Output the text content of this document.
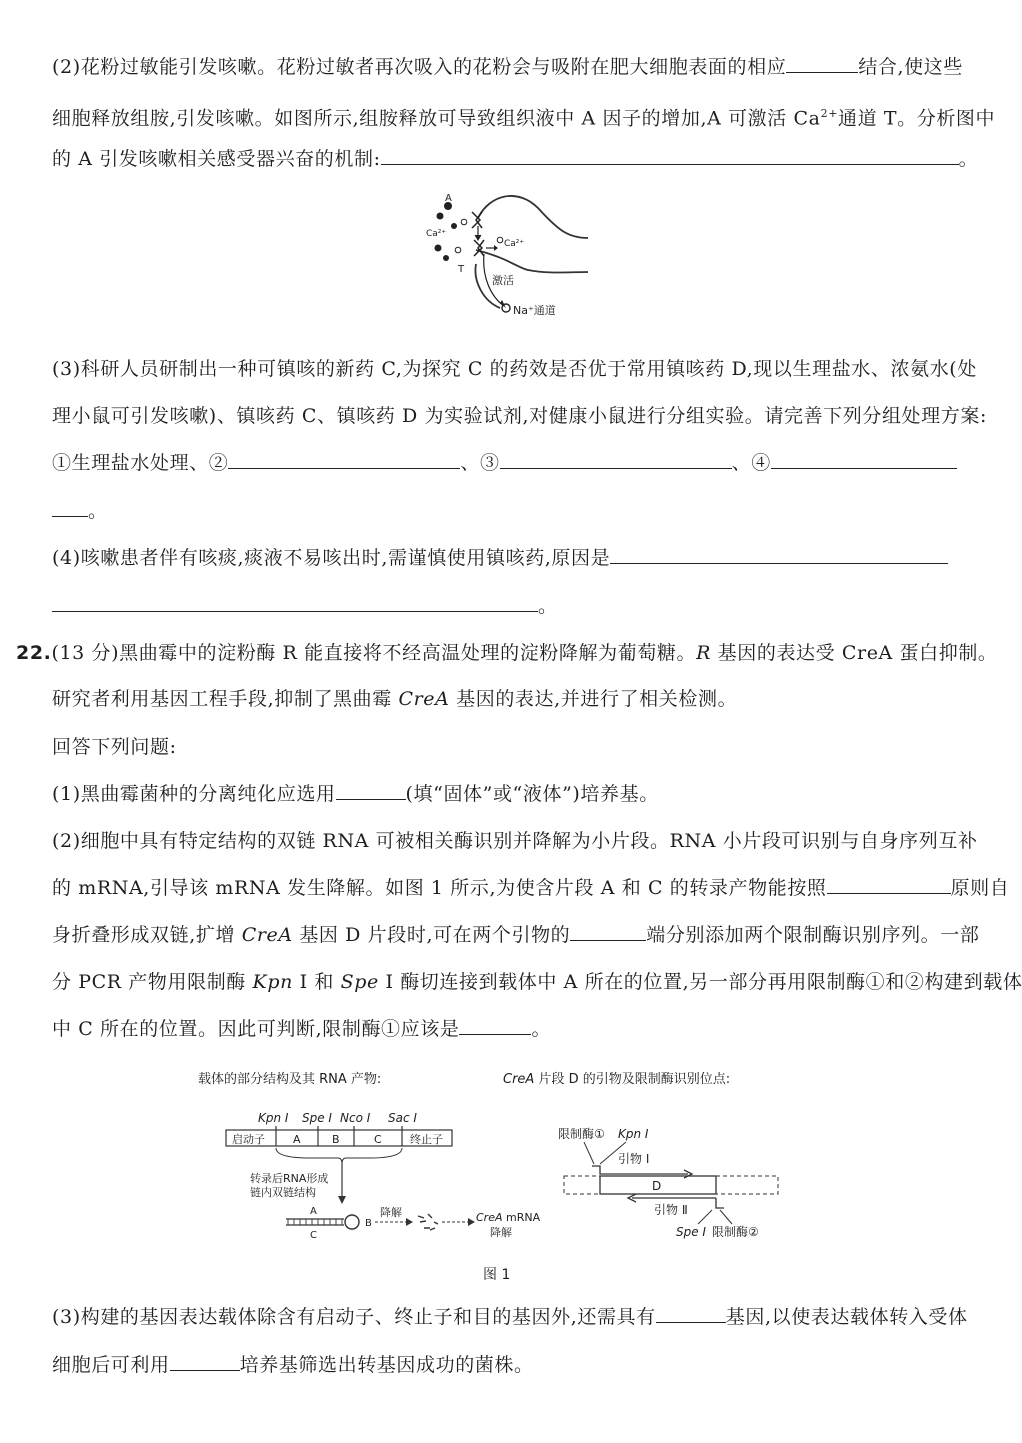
(2)花粉过敏能引发咳嗽。花粉过敏者再次吸入的花粉会与吸附在肥大细胞表面的相应	结合,使这些
细胞释放组胺,引发咳嗽。如图所示,组胺释放可导致组织液中 A 因子的增加,A 可激活 $Ca^{2+}$通道 T。分析图中
的 A 引发咳嗽相关感受器兴奋的机制:	。
A
Ca²⁺
Ca²⁺
T
激活
Na⁺通道
(3)科研人员研制出一种可镇咳的新药 C,为探究 C 的药效是否优于常用镇咳药 D,现以生理盐水、浓氨水(处
理小鼠可引发咳嗽)、镇咳药 C、镇咳药 D 为实验试剂,对健康小鼠进行分组实验。请完善下列分组处理方案:
①生理盐水处理、②	、③	、④
。
(4)咳嗽患者伴有咳痰,痰液不易咳出时,需谨慎使用镇咳药,原因是
。
22.(13 分)黑曲霉中的淀粉酶 R 能直接将不经高温处理的淀粉降解为葡萄糖。R 基因的表达受 CreA 蛋白抑制。
研究者利用基因工程手段,抑制了黑曲霉 CreA 基因的表达,并进行了相关检测。
回答下列问题:
(1)黑曲霉菌种的分离纯化应选用	(填“固体”或“液体”)培养基。
(2)细胞中具有特定结构的双链 RNA 可被相关酶识别并降解为小片段。RNA 小片段可识别与自身序列互补
的 mRNA,引导该 mRNA 发生降解。如图 1 所示,为使含片段 A 和 C 的转录产物能按照	原则自
身折叠形成双链,扩增 CreA 基因 D 片段时,可在两个引物的	端分别添加两个限制酶识别序列。一部
分 PCR 产物用限制酶 Kpn Ⅰ 和 Spe Ⅰ 酶切连接到载体中 A 所在的位置,另一部分再用限制酶①和②构建到载体
中 C 所在的位置。因此可判断,限制酶①应该是	。
载体的部分结构及其 RNA 产物:	CreA 片段 D 的引物及限制酶识别位点:
Kpn Ⅰ Spe Ⅰ Nco Ⅰ Sac Ⅰ
启动子	A	B	C	终止子
转录后RNA形成
链内双链结构
A
C
B
降解	CreA mRNA
降解
限制酶① Kpn Ⅰ
引物 Ⅰ
D
引物 Ⅱ
Spe Ⅰ 限制酶②
图 1
(3)构建的基因表达载体除含有启动子、终止子和目的基因外,还需具有	基因,以使表达载体转入受体
细胞后可利用	培养基筛选出转基因成功的菌株。
